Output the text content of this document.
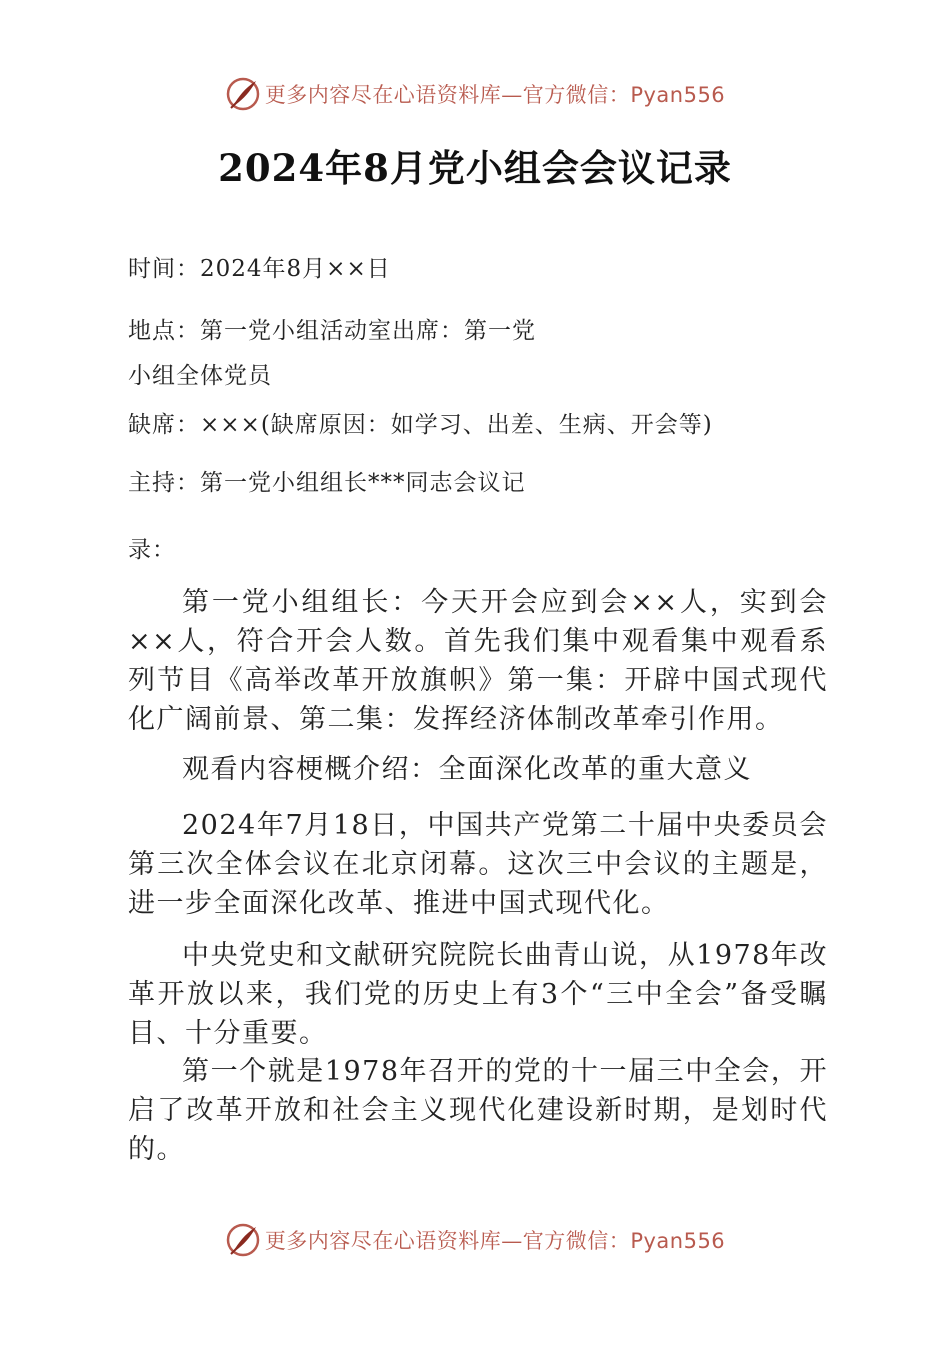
更多内容尽在心语资料库—官方微信：Pyan556
2024年8月党小组会会议记录

时间：2024年8月××日

地点：第一党小组活动室出席：第一党

小组全体党员

缺席：×××(缺席原因：如学习、出差、生病、开会等)

主持：第一党小组组长***同志会议记

录：

第一党小组组长：今天开会应到会××人，实到会××人，符合开会人数。首先我们集中观看集中观看系列节目《高举改革开放旗帜》第一集：开辟中国式现代化广阔前景、第二集：发挥经济体制改革牵引作用。

观看内容梗概介绍：全面深化改革的重大意义

2024年7月18日，中国共产党第二十届中央委员会第三次全体会议在北京闭幕。这次三中会议的主题是，进一步全面深化改革、推进中国式现代化。

中央党史和文献研究院院长曲青山说，从1978年改革开放以来，我们党的历史上有3个“三中全会”备受瞩目、十分重要。

第一个就是1978年召开的党的十一届三中全会，开启了改革开放和社会主义现代化建设新时期，是划时代的。

更多内容尽在心语资料库—官方微信：Pyan556
